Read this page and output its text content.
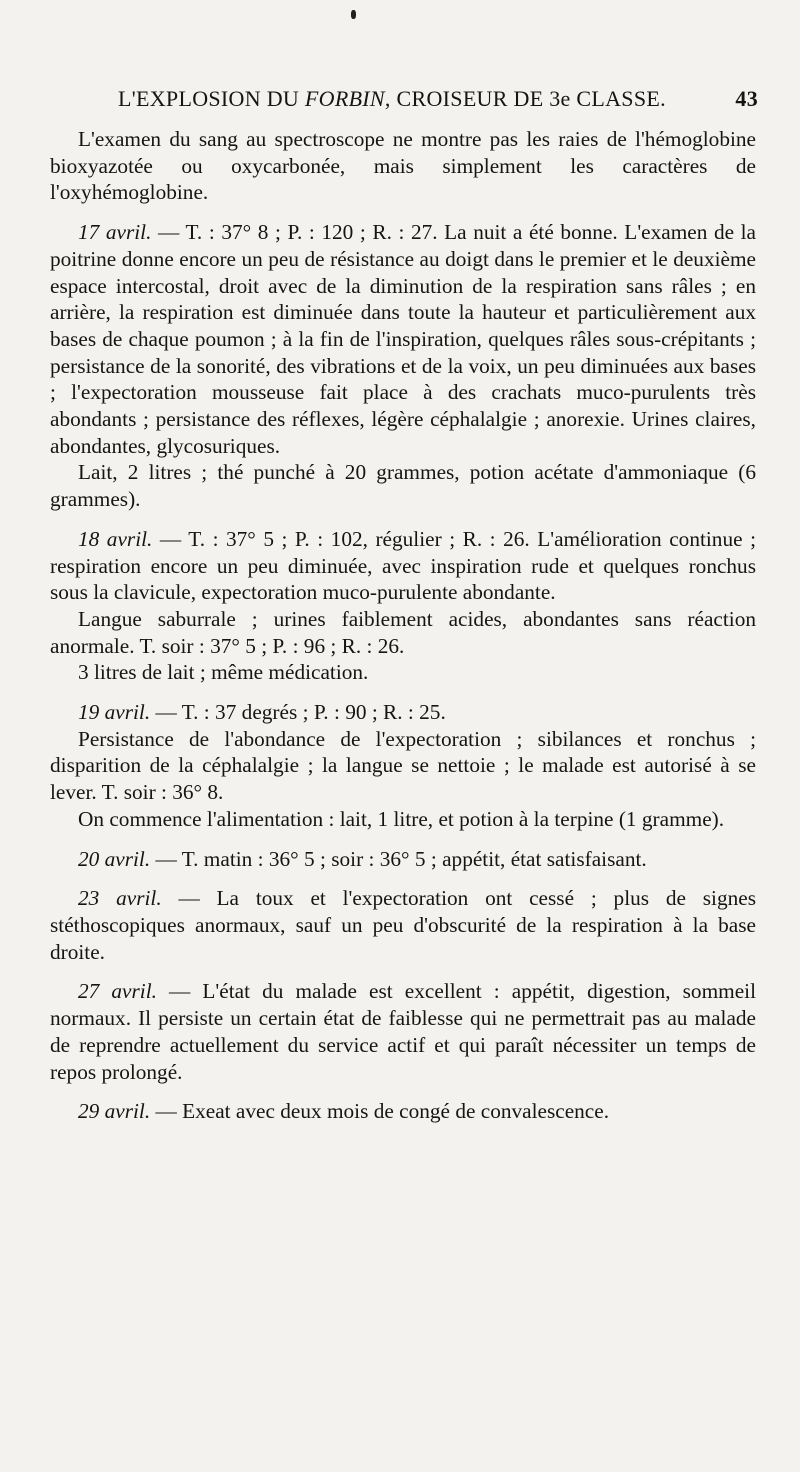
L'EXPLOSION DU FORBIN, CROISEUR DE 3e CLASSE.	43

L'examen du sang au spectroscope ne montre pas les raies de l'hémoglobine bioxyazotée ou oxycarbonée, mais simplement les caractères de l'oxyhémoglobine.

17 avril. — T. : 37° 8 ; P. : 120 ; R. : 27. La nuit a été bonne. L'examen de la poitrine donne encore un peu de résistance au doigt dans le premier et le deuxième espace intercostal, droit avec de la diminution de la respiration sans râles ; en arrière, la respiration est diminuée dans toute la hauteur et particulièrement aux bases de chaque poumon ; à la fin de l'inspiration, quelques râles sous-crépitants ; persistance de la sonorité, des vibrations et de la voix, un peu diminuées aux bases ; l'expectoration mousseuse fait place à des crachats muco-purulents très abondants ; persistance des réflexes, légère céphalalgie ; anorexie. Urines claires, abondantes, glycosuriques.

Lait, 2 litres ; thé punché à 20 grammes, potion acétate d'ammoniaque (6 grammes).

18 avril. — T. : 37° 5 ; P. : 102, régulier ; R. : 26. L'amélioration continue ; respiration encore un peu diminuée, avec inspiration rude et quelques ronchus sous la clavicule, expectoration muco-purulente abondante.

Langue saburrale ; urines faiblement acides, abondantes sans réaction anormale. T. soir : 37° 5 ; P. : 96 ; R. : 26.

3 litres de lait ; même médication.

19 avril. — T. : 37 degrés ; P. : 90 ; R. : 25.

Persistance de l'abondance de l'expectoration ; sibilances et ronchus ; disparition de la céphalalgie ; la langue se nettoie ; le malade est autorisé à se lever. T. soir : 36° 8.

On commence l'alimentation : lait, 1 litre, et potion à la terpine (1 gramme).

20 avril. — T. matin : 36° 5 ; soir : 36° 5 ; appétit, état satisfaisant.

23 avril. — La toux et l'expectoration ont cessé ; plus de signes stéthoscopiques anormaux, sauf un peu d'obscurité de la respiration à la base droite.

27 avril. — L'état du malade est excellent : appétit, digestion, sommeil normaux. Il persiste un certain état de faiblesse qui ne permettrait pas au malade de reprendre actuellement du service actif et qui paraît nécessiter un temps de repos prolongé.

29 avril. — Exeat avec deux mois de congé de convalescence.
